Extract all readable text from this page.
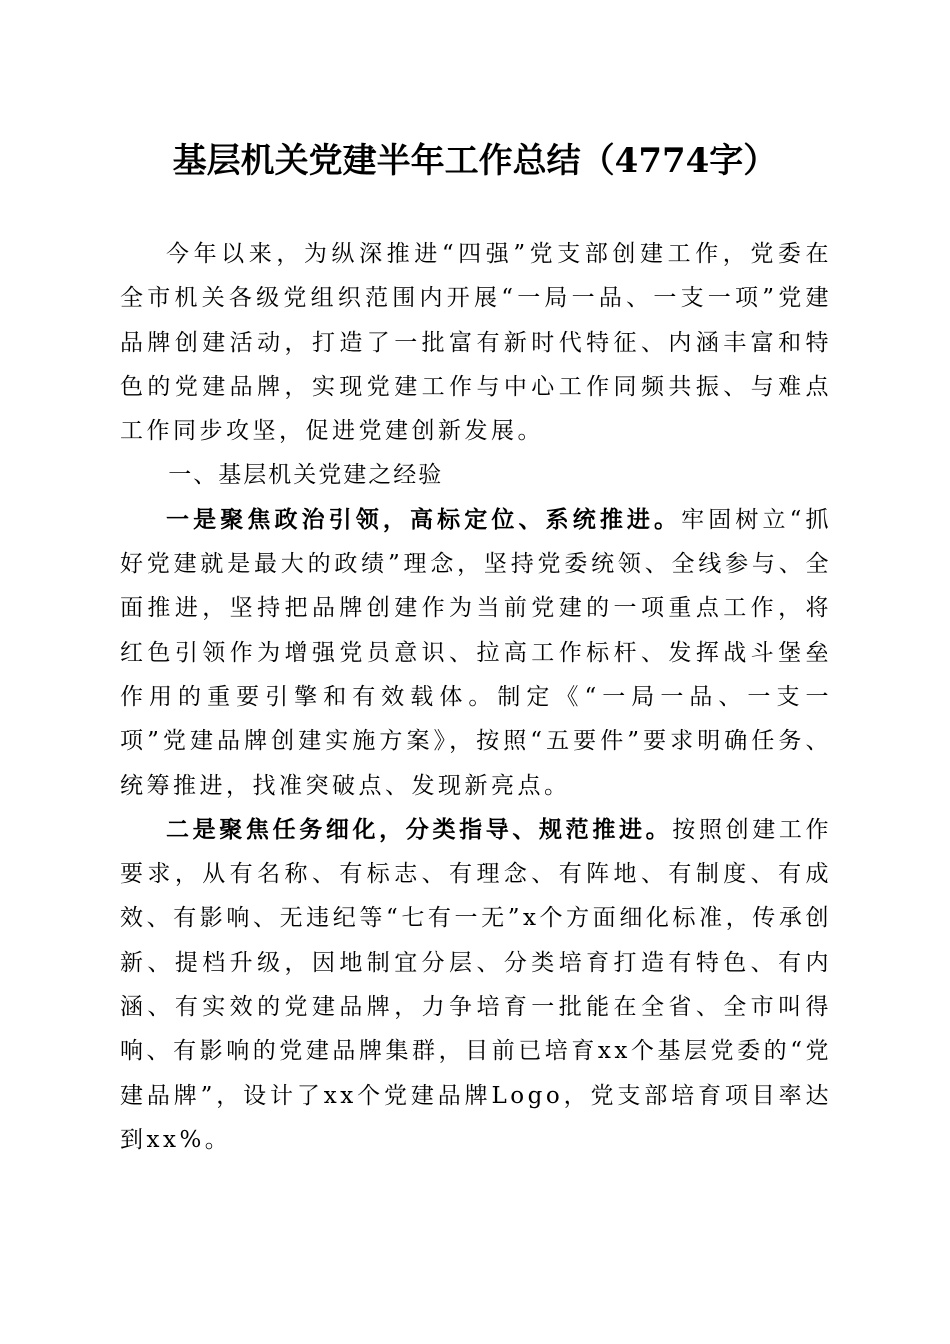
基层机关党建半年工作总结（4774字）

今年以来，为纵深推进“四强”党支部创建工作，党委在全市机关各级党组织范围内开展“一局一品、一支一项”党建品牌创建活动，打造了一批富有新时代特征、内涵丰富和特色的党建品牌，实现党建工作与中心工作同频共振、与难点工作同步攻坚，促进党建创新发展。

一、基层机关党建之经验

一是聚焦政治引领，高标定位、系统推进。牢固树立“抓好党建就是最大的政绩”理念，坚持党委统领、全线参与、全面推进，坚持把品牌创建作为当前党建的一项重点工作，将红色引领作为增强党员意识、拉高工作标杆、发挥战斗堡垒作用的重要引擎和有效载体。制定《“一局一品、一支一项”党建品牌创建实施方案》，按照“五要件”要求明确任务、统筹推进，找准突破点、发现新亮点。

二是聚焦任务细化，分类指导、规范推进。按照创建工作要求，从有名称、有标志、有理念、有阵地、有制度、有成效、有影响、无违纪等“七有一无”x个方面细化标准，传承创新、提档升级，因地制宜分层、分类培育打造有特色、有内涵、有实效的党建品牌，力争培育一批能在全省、全市叫得响、有影响的党建品牌集群，目前已培育xx个基层党委的“党建品牌”，设计了xx个党建品牌Logo，党支部培育项目率达到xx%。
